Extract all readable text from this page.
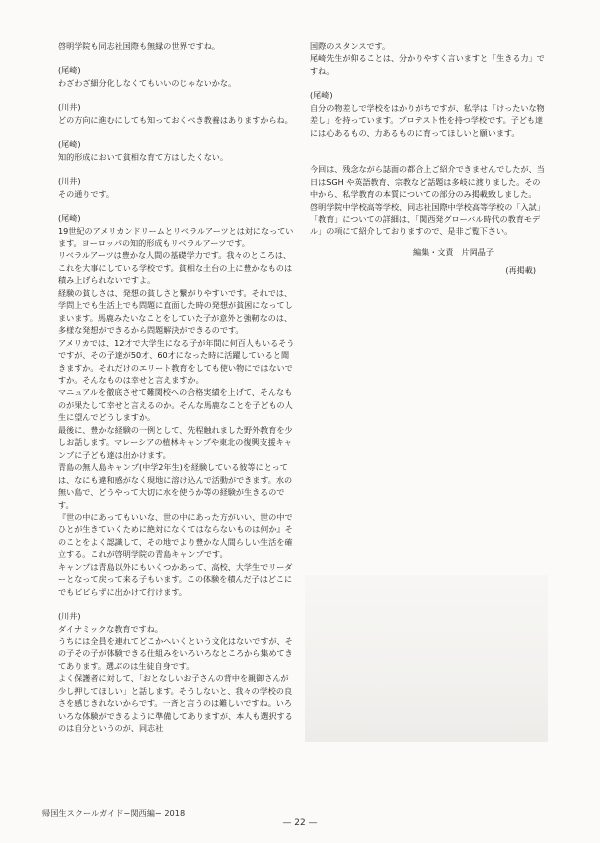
啓明学院も同志社国際も無縁の世界ですね。

(尾崎)
わざわざ細分化しなくてもいいのじゃないかな。

(川井)
どの方向に進むにしても知っておくべき教養はありますからね。

(尾崎)
知的形成において貧相な育て方はしたくない。

(川井)
その通りです。

(尾崎)
19世紀のアメリカンドリームとリベラルアーツとは対になっています。ヨーロッパの知的形成もリベラルアーツです。
リベラルアーツは豊かな人間の基礎学力です。我々のところは、これを大事にしている学校です。貧相な土台の上に豊かなものは積み上げられないですよ。
経験の貧しさは、発想の貧しさと繋がりやすいです。それでは、学問上でも生活上でも問題に直面した時の発想が貧困になってしまいます。馬鹿みたいなことをしていた子が意外と強靭なのは、多様な発想ができるから問題解決ができるのです。
アメリカでは、12才で大学生になる子が年間に何百人もいるそうですが、その子達が50才、60才になった時に活躍していると聞きますか。それだけのエリート教育をしても使い物にではないですか。そんなものは幸せと言えますか。
マニュアルを徹底させて難関校への合格実績を上げて、そんなものが果たして幸せと言えるのか。そんな馬鹿なことを子どもの人生に望んでどうしますか。
最後に、豊かな経験の一例として、先程触れました野外教育を少しお話します。マレーシアの植林キャンプや東北の復興支援キャンプに子ども達は出かけます。
青島の無人島キャンプ(中学2年生)を経験している彼等にとっては、なにも違和感がなく現地に溶け込んで活動ができます。水の無い島で、どうやって大切に水を使うか等の経験が生きるのです。
『世の中にあってもいいな、世の中にあった方がいい、世の中でひとが生きていくために絶対になくてはならないものは何か』そのことをよく認識して、その地でより豊かな人間らしい生活を確立する。これが啓明学院の青島キャンプです。
キャンプは青島以外にもいくつかあって、高校、大学生でリーダーとなって戻って来る子もいます。この体験を積んだ子はどこにでもビビらずに出かけて行けます。

(川井)
ダイナミックな教育ですね。
うちには全員を連れてどこかへいくという文化はないですが、その子その子が体験できる仕組みをいろいろなところから集めてきてあります。選ぶのは生徒自身です。
よく保護者に対して、「おとなしいお子さんの背中を親御さんが少し押してほしい」と話します。そうしないと、我々の学校の良さを感じきれないからです。一斉と言うのは難しいですね。いろいろな体験ができるように準備してありますが、本人も選択するのは自分というのが、同志社

国際のスタンスです。
尾崎先生が仰ることは、分かりやすく言いますと「生きる力」ですね。

(尾崎)
自分の物差しで学校をはかりがちですが、私学は「けったいな物差し」を持っています。プロテスト性を持つ学校です。子ども達には心あるもの、力あるものに育ってほしいと願います。

今回は、残念ながら誌面の都合上ご紹介できませんでしたが、当日はSGH や英語教育、宗教など話題は多岐に渡りました。その中から、私学教育の本質についての部分のみ掲載致しました。
啓明学院中学校高等学校、同志社国際中学校高等学校の「入試」「教育」についての詳細は、「関西発グローバル時代の教育モデル」の項にて紹介しておりますので、是非ご覧下さい。

編集・文責　片岡晶子

(再掲載)

帰国生スクールガイド−関西編− 2018
— 22 —
